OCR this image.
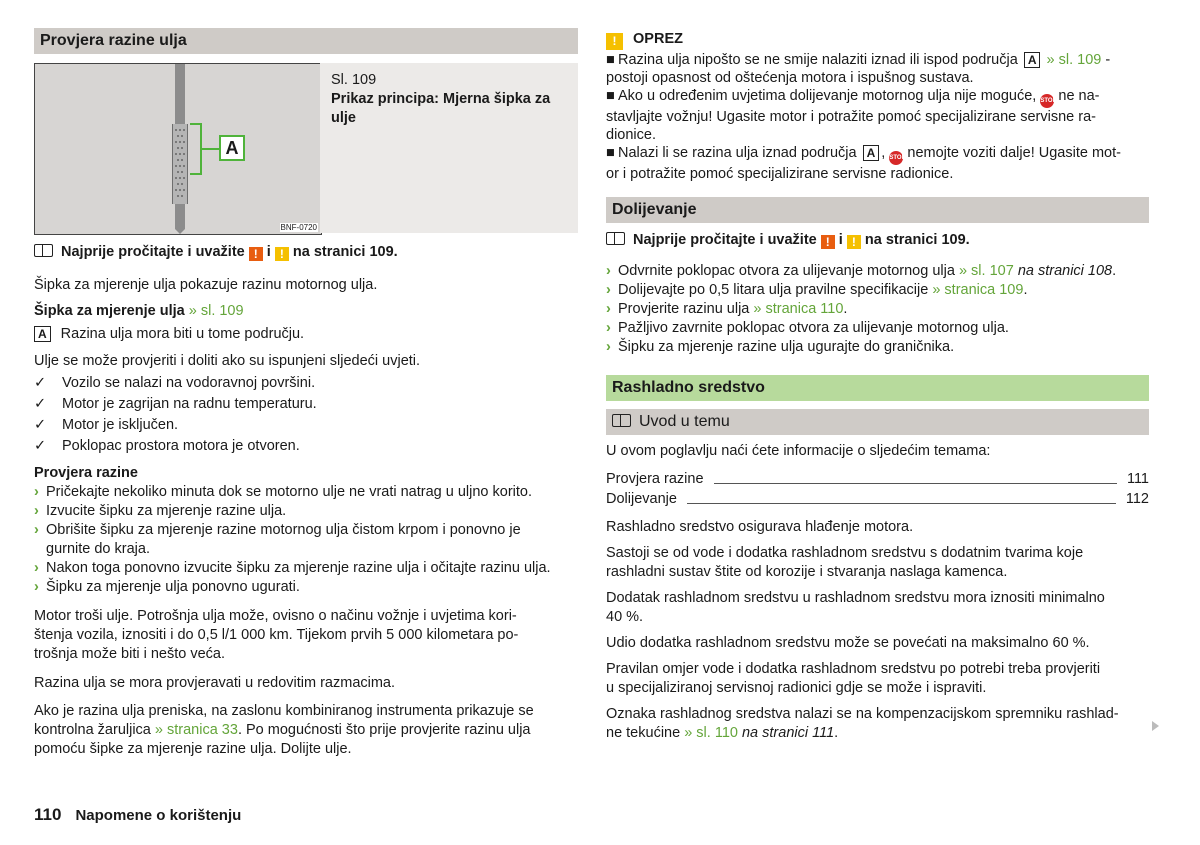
Provjera razine ulja
A
BNF-0720
Sl. 109
Prikaz principa: Mjerna šipka za ulje
Najprije pročitajte i uvažite ! i ! na stranici 109.
Šipka za mjerenje ulja pokazuje razinu motornog ulja.
Šipka za mjerenje ulja » sl. 109
A Razina ulja mora biti u tome području.
Ulje se može provjeriti i doliti ako su ispunjeni sljedeći uvjeti.
✓	Vozilo se nalazi na vodoravnoj površini.
✓	Motor je zagrijan na radnu temperaturu.
✓	Motor je isključen.
✓	Poklopac prostora motora je otvoren.
Provjera razine
› Pričekajte nekoliko minuta dok se motorno ulje ne vrati natrag u uljno korito.
› Izvucite šipku za mjerenje razine ulja.
› Obrišite šipku za mjerenje razine motornog ulja čistom krpom i ponovno je gurnite do kraja.
› Nakon toga ponovno izvucite šipku za mjerenje razine ulja i očitajte razinu ulja.
› Šipku za mjerenje ulja ponovno ugurati.
Motor troši ulje. Potrošnja ulja može, ovisno o načinu vožnje i uvjetima kori-
štenja vozila, iznositi i do 0,5 l/1 000 km. Tijekom prvih 5 000 kilometara po-
trošnja može biti i nešto veća.
Razina ulja se mora provjeravati u redovitim razmacima.
Ako je razina ulja preniska, na zaslonu kombiniranog instrumenta prikazuje se
kontrolna žaruljica » stranica 33. Po mogućnosti što prije provjerite razinu ulja
pomoću šipke za mjerenje razine ulja. Dolijte ulje.
110 Napomene o korištenju
! OPREZ
■ Razina ulja nipošto se ne smije nalaziti iznad ili ispod područja A » sl. 109 -
postoji opasnost od oštećenja motora i ispušnog sustava.
■ Ako u određenim uvjetima dolijevanje motornog ulja nije moguće, STOP ne na-
stavljajte vožnju! Ugasite motor i potražite pomoć specijalizirane servisne ra-
dionice.
■ Nalazi li se razina ulja iznad područja A , STOP nemojte voziti dalje! Ugasite mot-
or i potražite pomoć specijalizirane servisne radionice.
Dolijevanje
Najprije pročitajte i uvažite ! i ! na stranici 109.
› Odvrnite poklopac otvora za ulijevanje motornog ulja » sl. 107 na stranici 108.
› Dolijevajte po 0,5 litara ulja pravilne specifikacije » stranica 109.
› Provjerite razinu ulja » stranica 110.
› Pažljivo zavrnite poklopac otvora za ulijevanje motornog ulja.
› Šipku za mjerenje razine ulja ugurajte do graničnika.
Rashladno sredstvo
Uvod u temu
U ovom poglavlju naći ćete informacije o sljedećim temama:
Provjera razine	111
Dolijevanje	112
Rashladno sredstvo osigurava hlađenje motora.
Sastoji se od vode i dodatka rashladnom sredstvu s dodatnim tvarima koje
rashladni sustav štite od korozije i stvaranja naslaga kamenca.
Dodatak rashladnom sredstvu u rashladnom sredstvu mora iznositi minimalno
40 %.
Udio dodatka rashladnom sredstvu može se povećati na maksimalno 60 %.
Pravilan omjer vode i dodatka rashladnom sredstvu po potrebi treba provjeriti
u specijaliziranoj servisnoj radionici gdje se može i ispraviti.
Oznaka rashladnog sredstva nalazi se na kompenzacijskom spremniku rashlad-
ne tekućine » sl. 110 na stranici 111.
